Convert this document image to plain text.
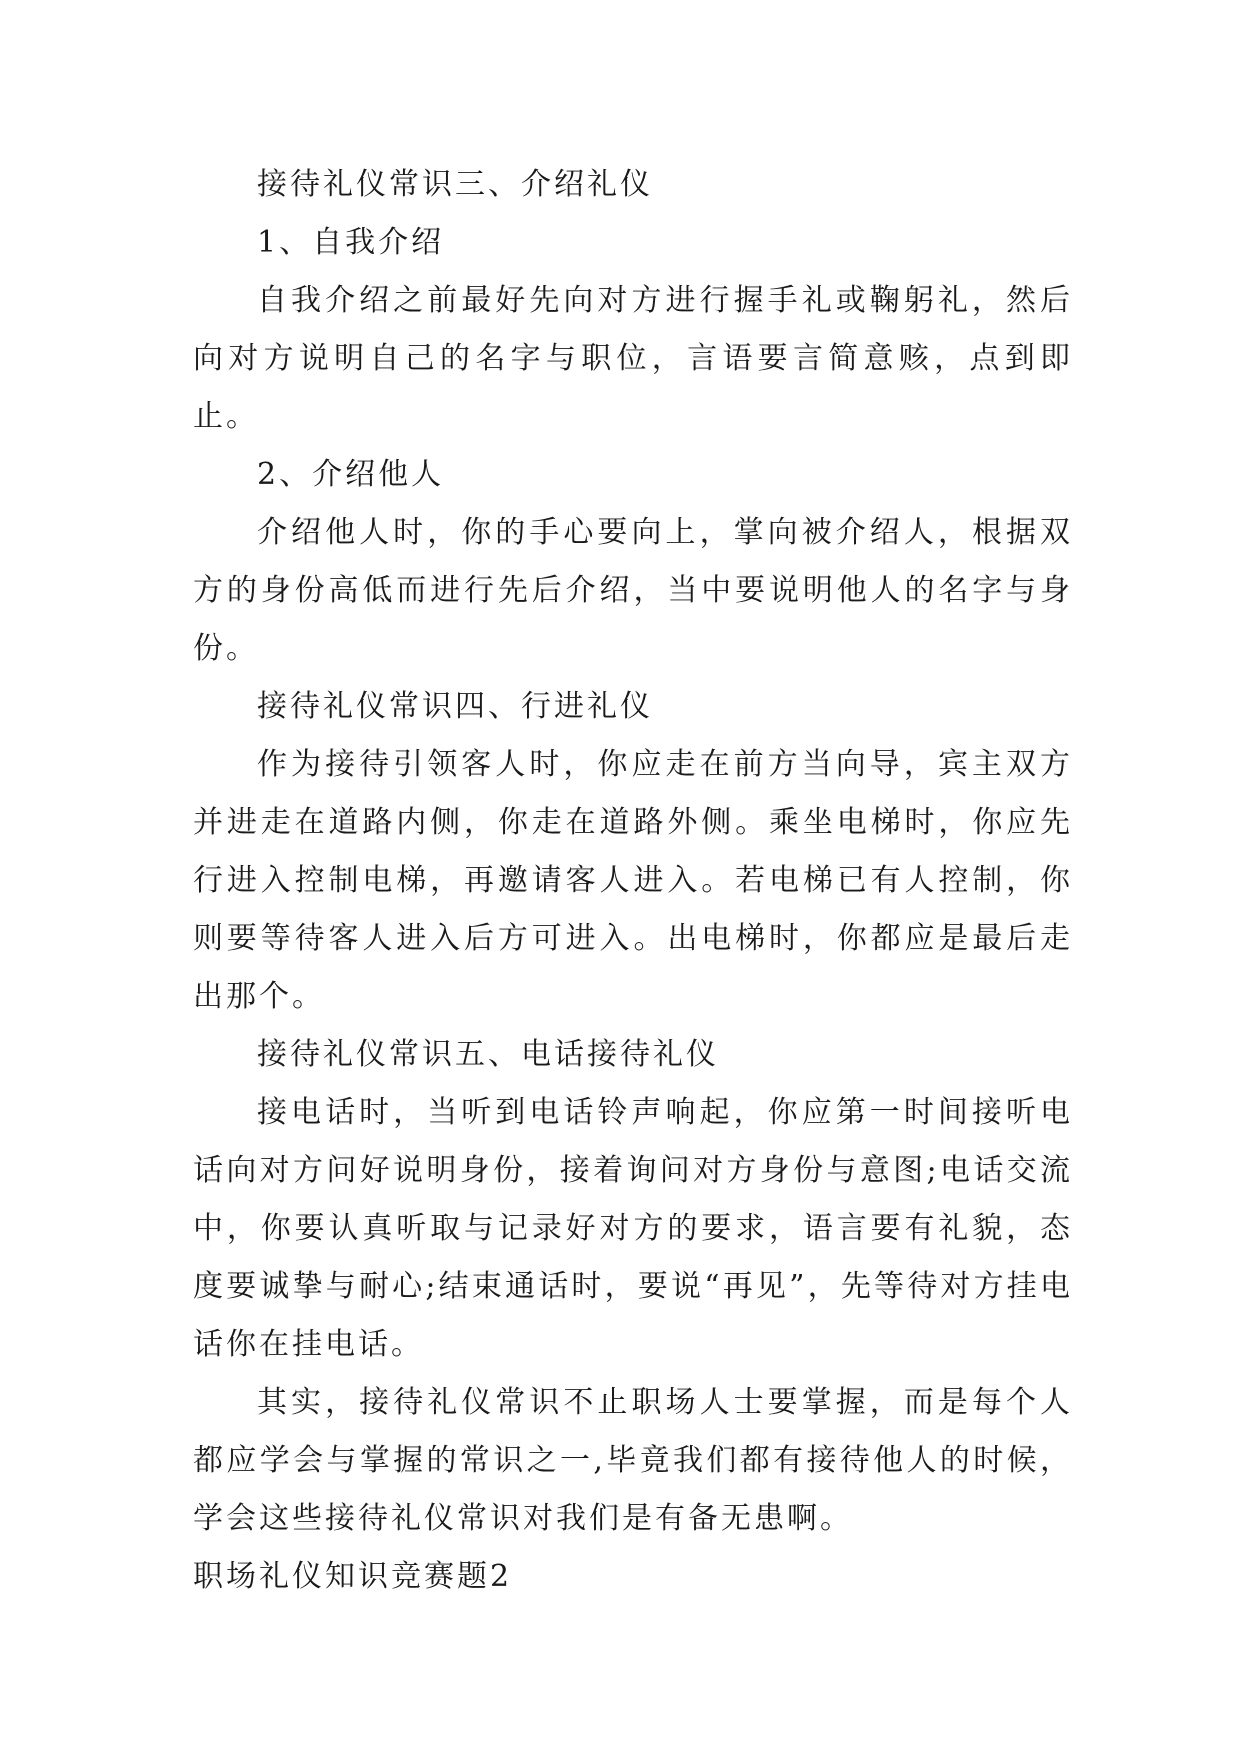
接待礼仪常识三、介绍礼仪

1、自我介绍

自我介绍之前最好先向对方进行握手礼或鞠躬礼，然后向对方说明自己的名字与职位，言语要言简意赅，点到即止。

2、介绍他人

介绍他人时，你的手心要向上，掌向被介绍人，根据双方的身份高低而进行先后介绍，当中要说明他人的名字与身份。

接待礼仪常识四、行进礼仪

作为接待引领客人时，你应走在前方当向导，宾主双方并进走在道路内侧，你走在道路外侧。乘坐电梯时，你应先行进入控制电梯，再邀请客人进入。若电梯已有人控制，你则要等待客人进入后方可进入。出电梯时，你都应是最后走出那个。

接待礼仪常识五、电话接待礼仪

接电话时，当听到电话铃声响起，你应第一时间接听电话向对方问好说明身份，接着询问对方身份与意图;电话交流中，你要认真听取与记录好对方的要求，语言要有礼貌，态度要诚挚与耐心;结束通话时，要说“再见”，先等待对方挂电话你在挂电话。

其实，接待礼仪常识不止职场人士要掌握，而是每个人都应学会与掌握的常识之一,毕竟我们都有接待他人的时候，学会这些接待礼仪常识对我们是有备无患啊。

职场礼仪知识竞赛题2
